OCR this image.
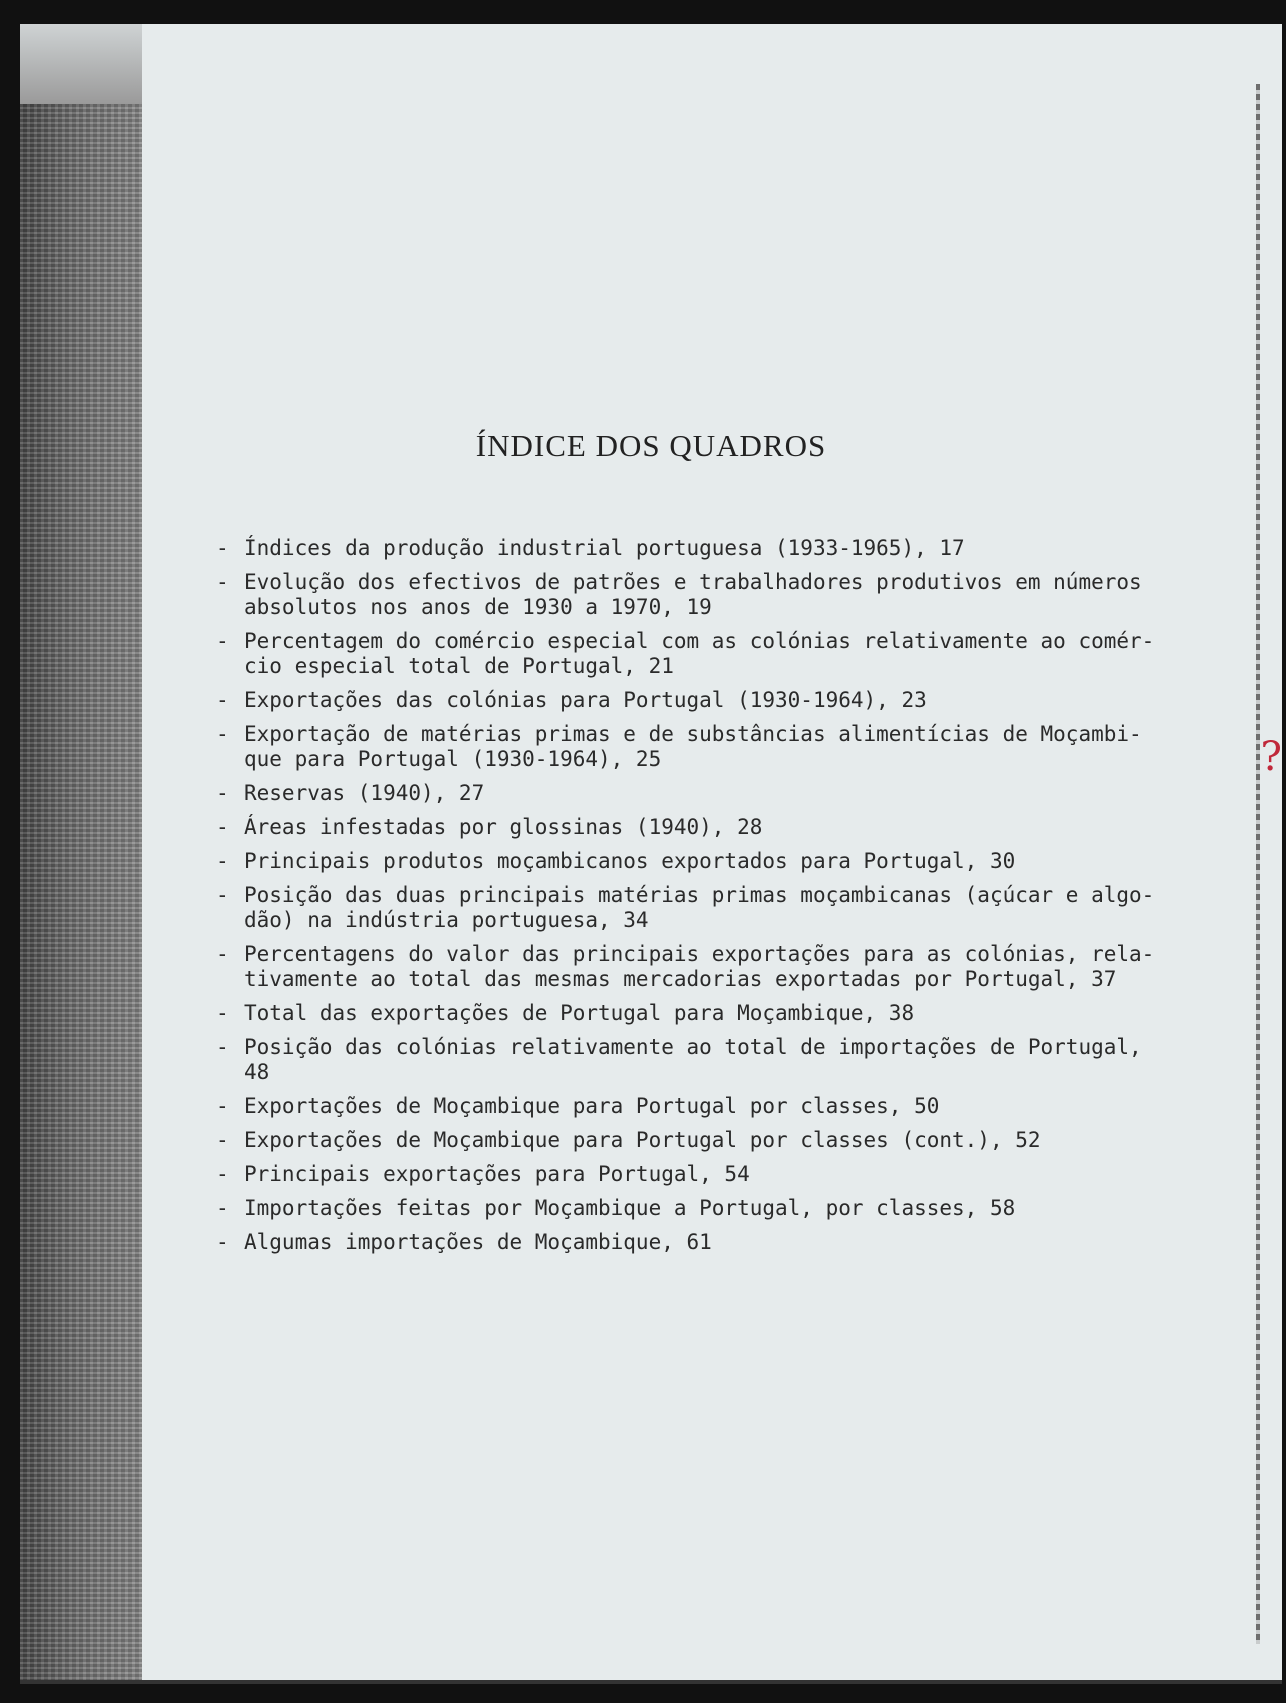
?
ÍNDICE DOS QUADROS
- Índices da produção industrial portuguesa (1933-1965), 17
- Evolução dos efectivos de patrões e trabalhadores produtivos em números
absolutos nos anos de 1930 a 1970, 19
- Percentagem do comércio especial com as colónias relativamente ao comér-
cio especial total de Portugal, 21
- Exportações das colónias para Portugal (1930-1964), 23
- Exportação de matérias primas e de substâncias alimentícias de Moçambi-
que para Portugal (1930-1964), 25
- Reservas (1940), 27
- Áreas infestadas por glossinas (1940), 28
- Principais produtos moçambicanos exportados para Portugal, 30
- Posição das duas principais matérias primas moçambicanas (açúcar e algo-
dão) na indústria portuguesa, 34
- Percentagens do valor das principais exportações para as colónias, rela-
tivamente ao total das mesmas mercadorias exportadas por Portugal, 37
- Total das exportações de Portugal para Moçambique, 38
- Posição das colónias relativamente ao total de importações de Portugal,
48
- Exportações de Moçambique para Portugal por classes, 50
- Exportações de Moçambique para Portugal por classes (cont.), 52
- Principais exportações para Portugal, 54
- Importações feitas por Moçambique a Portugal, por classes, 58
- Algumas importações de Moçambique, 61
